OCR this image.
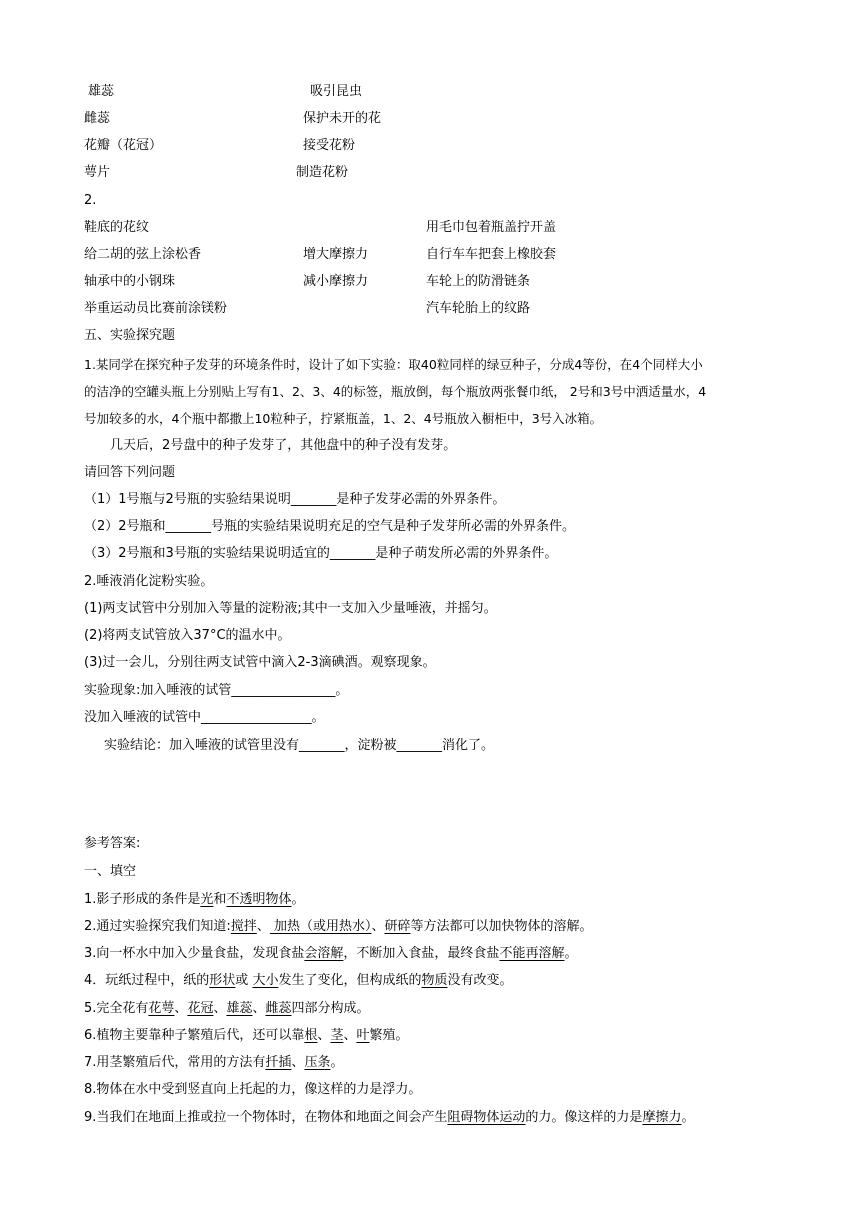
雄蕊
雌蕊
花瓣（花冠）
萼片
吸引昆虫
保护未开的花
接受花粉
制造花粉
2.
鞋底的花纹
给二胡的弦上涂松香
轴承中的小钢珠
举重运动员比赛前涂镁粉
增大摩擦力
减小摩擦力
用毛巾包着瓶盖拧开盖
自行车车把套上橡胶套
车轮上的防滑链条
汽车轮胎上的纹路
五、实验探究题
1.某同学在探究种子发芽的环境条件时，设计了如下实验：取40粒同样的绿豆种子，分成4等份，在4个同样大小
的洁净的空罐头瓶上分别贴上写有1、2、3、4的标签，瓶放倒，每个瓶放两张餐巾纸， 2号和3号中洒适量水，4
号加较多的水，4个瓶中都撒上10粒种子，拧紧瓶盖，1、2、4号瓶放入橱柜中，3号入冰箱。
几天后，2号盘中的种子发芽了，其他盘中的种子没有发芽。
请回答下列问题
（1）1号瓶与2号瓶的实验结果说明_______是种子发芽必需的外界条件。
（2）2号瓶和_______号瓶的实验结果说明充足的空气是种子发芽所必需的外界条件。
（3）2号瓶和3号瓶的实验结果说明适宜的_______是种子萌发所必需的外界条件。
2.唾液消化淀粉实验。
(1)两支试管中分别加入等量的淀粉液;其中一支加入少量唾液，并摇匀。
(2)将两支试管放入37°C的温水中。
(3)过一会儿，分别往两支试管中滴入2-3滴碘酒。观察现象。
实验现象:加入唾液的试管________________。
没加入唾液的试管中_________________。
实验结论：加入唾液的试管里没有_______，淀粉被_______消化了。
参考答案:
一、填空
1.影子形成的条件是光和不透明物体。
2.通过实验探究我们知道:搅拌、 加热（或用热水）、研碎等方法都可以加快物体的溶解。
3.向一杯水中加入少量食盐，发现食盐会溶解，不断加入食盐，最终食盐不能再溶解。
4．玩纸过程中，纸的形状或 大小发生了变化，但构成纸的物质没有改变。
5.完全花有花萼、花冠、雄蕊、雌蕊四部分构成。
6.植物主要靠种子繁殖后代，还可以靠根、茎、叶繁殖。
7.用茎繁殖后代，常用的方法有扦插、压条。
8.物体在水中受到竖直向上托起的力，像这样的力是浮力。
9.当我们在地面上推或拉一个物体时，在物体和地面之间会产生阻碍物体运动的力。像这样的力是摩擦力。
